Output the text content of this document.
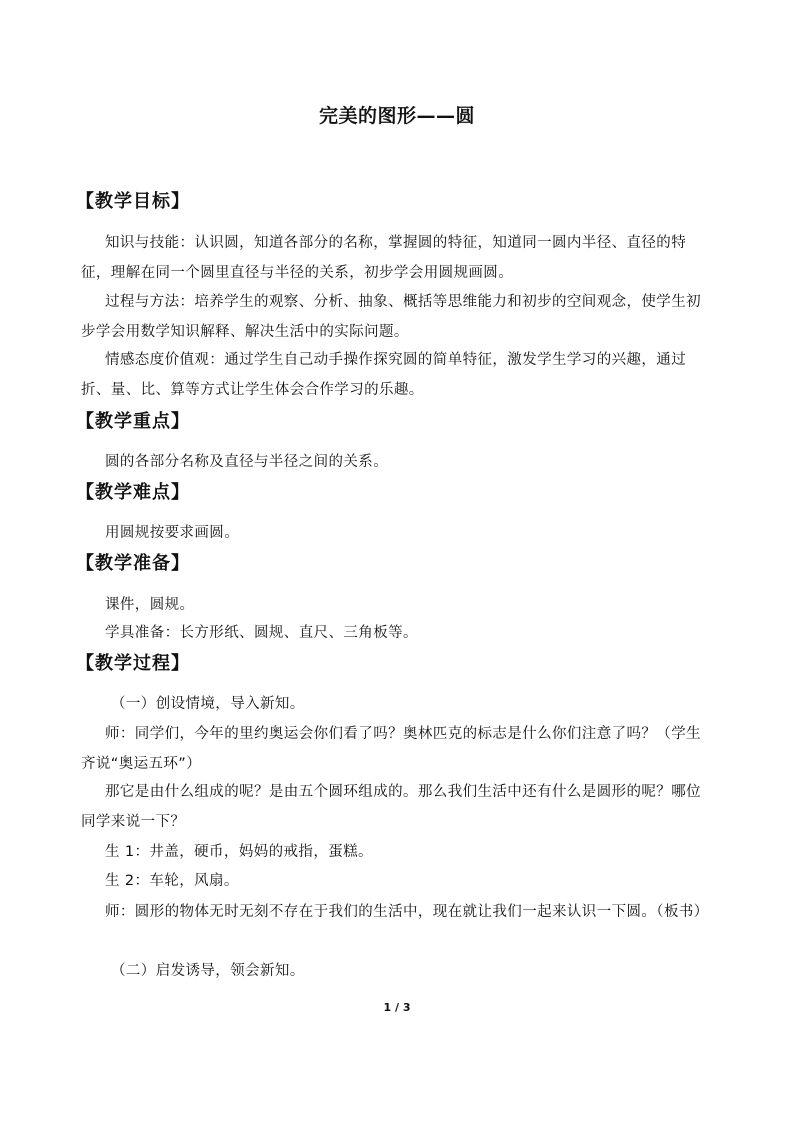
完美的图形——圆
【教学目标】
知识与技能：认识圆，知道各部分的名称，掌握圆的特征，知道同一圆内半径、直径的特征，理解在同一个圆里直径与半径的关系，初步学会用圆规画圆。
过程与方法：培养学生的观察、分析、抽象、概括等思维能力和初步的空间观念，使学生初步学会用数学知识解释、解决生活中的实际问题。
情感态度价值观：通过学生自己动手操作探究圆的简单特征，激发学生学习的兴趣，通过折、量、比、算等方式让学生体会合作学习的乐趣。
【教学重点】
圆的各部分名称及直径与半径之间的关系。
【教学难点】
用圆规按要求画圆。
【教学准备】
课件，圆规。
学具准备：长方形纸、圆规、直尺、三角板等。
【教学过程】
（一）创设情境，导入新知。
师：同学们，今年的里约奥运会你们看了吗？奥林匹克的标志是什么你们注意了吗？（学生齐说“奥运五环”）
那它是由什么组成的呢？是由五个圆环组成的。那么我们生活中还有什么是圆形的呢？哪位同学来说一下？
生 1：井盖，硬币，妈妈的戒指，蛋糕。
生 2：车轮，风扇。
师：圆形的物体无时无刻不存在于我们的生活中，现在就让我们一起来认识一下圆。（板书）
（二）启发诱导，领会新知。
1 / 3
